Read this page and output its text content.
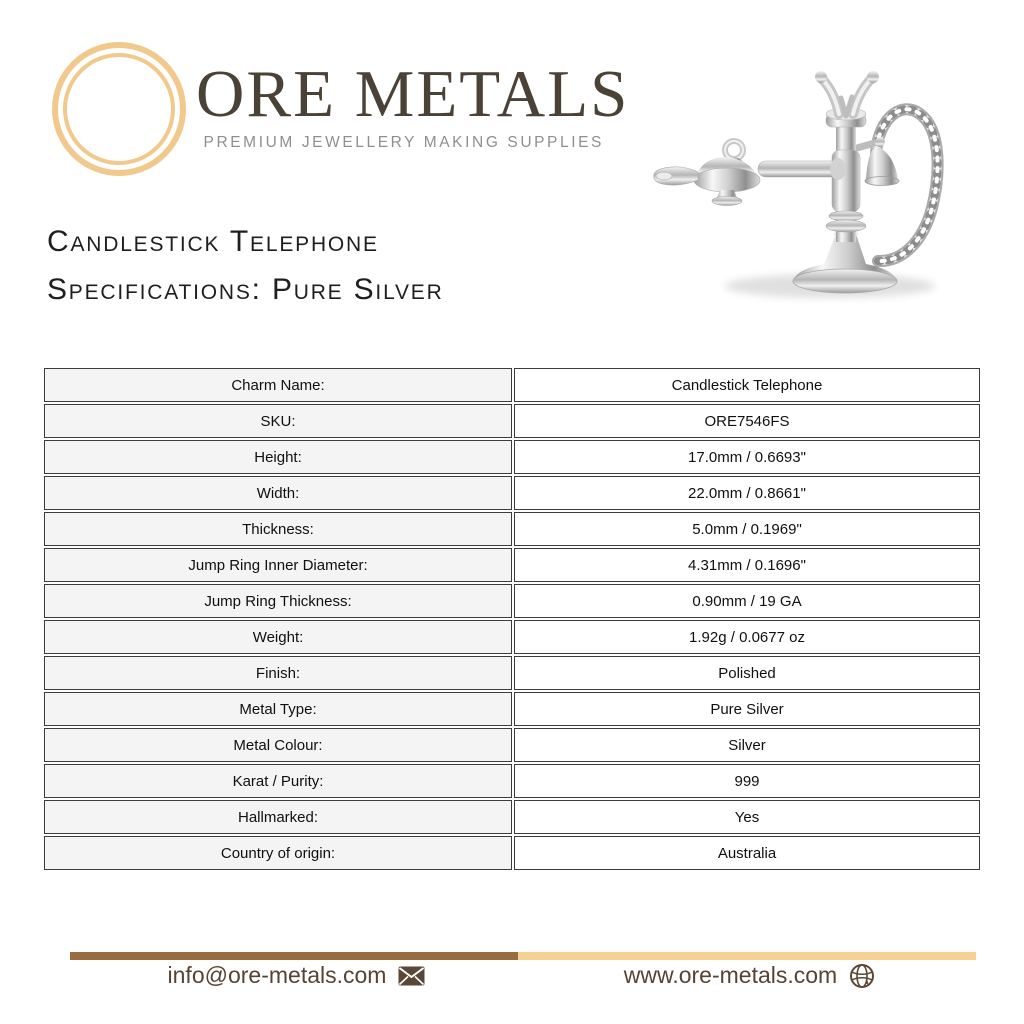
ORE METALS
PREMIUM JEWELLERY MAKING SUPPLIES
Candlestick Telephone
Specifications: Pure Silver
Charm Name:	Candlestick Telephone
SKU:	ORE7546FS
Height:	17.0mm / 0.6693"
Width:	22.0mm / 0.8661"
Thickness:	5.0mm / 0.1969"
Jump Ring Inner Diameter:	4.31mm / 0.1696"
Jump Ring Thickness:	0.90mm / 19 GA
Weight:	1.92g / 0.0677 oz
Finish:	Polished
Metal Type:	Pure Silver
Metal Colour:	Silver
Karat / Purity:	999
Hallmarked:	Yes
Country of origin:	Australia
info@ore-metals.com	www.ore-metals.com
